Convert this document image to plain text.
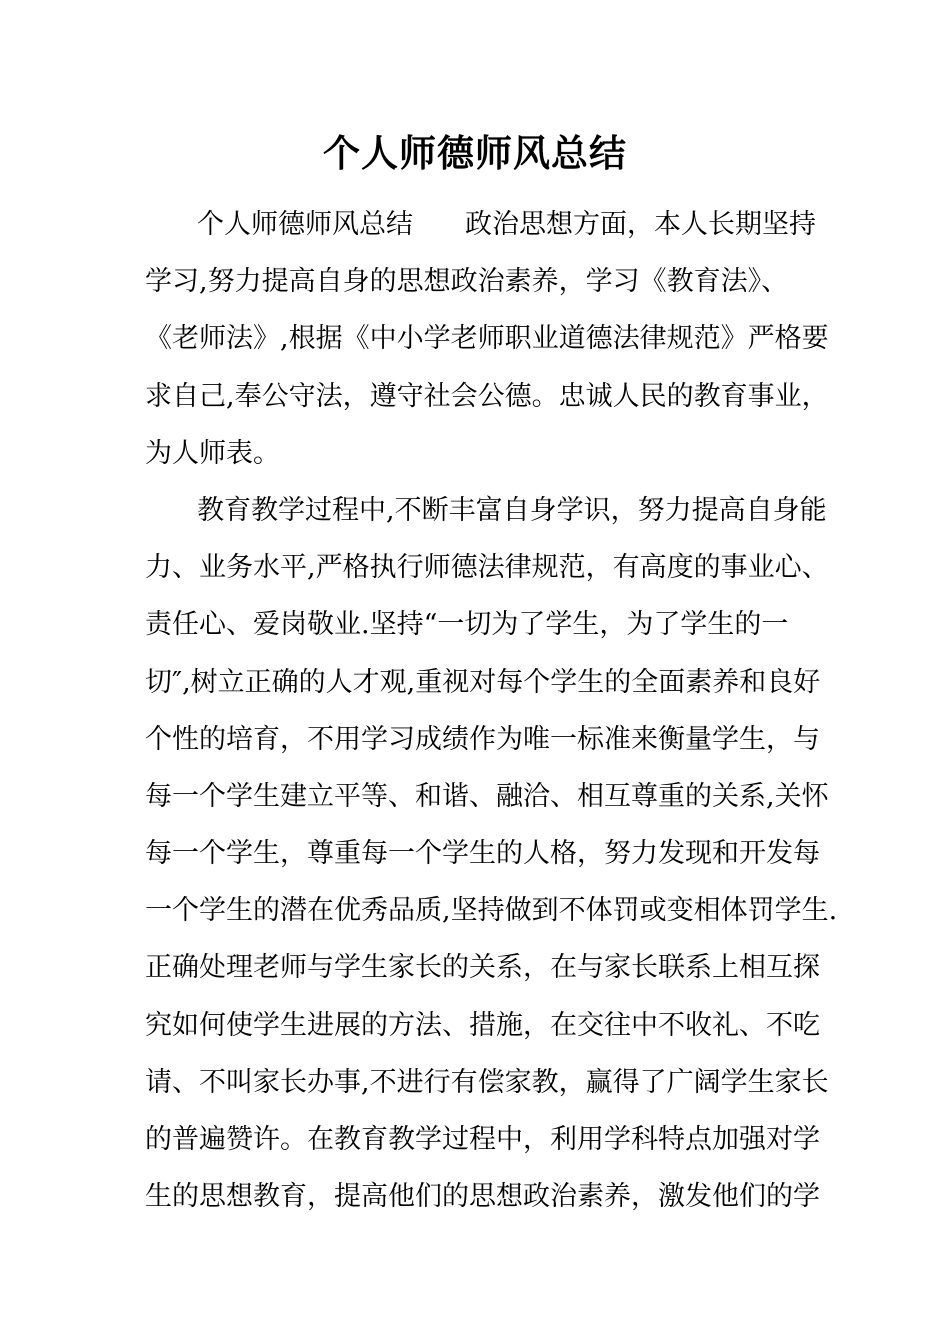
个人师德师风总结
个人师德师风总结 政治思想方面，本人长期坚持
学习,努力提高自身的思想政治素养，学习《教育法》、
《老师法》,根据《中小学老师职业道德法律规范》严格要
求自己,奉公守法，遵守社会公德。忠诚人民的教育事业，
为人师表。
教育教学过程中,不断丰富自身学识，努力提高自身能
力、业务水平,严格执行师德法律规范，有高度的事业心、
责任心、爱岗敬业.坚持“一切为了学生，为了学生的一
切″,树立正确的人才观,重视对每个学生的全面素养和良好
个性的培育，不用学习成绩作为唯一标准来衡量学生，与
每一个学生建立平等、和谐、融洽、相互尊重的关系,关怀
每一个学生，尊重每一个学生的人格，努力发现和开发每
一个学生的潜在优秀品质,坚持做到不体罚或变相体罚学生.
正确处理老师与学生家长的关系，在与家长联系上相互探
究如何使学生进展的方法、措施，在交往中不收礼、不吃
请、不叫家长办事,不进行有偿家教，赢得了广阔学生家长
的普遍赞许。在教育教学过程中，利用学科特点加强对学
生的思想教育，提高他们的思想政治素养，激发他们的学
